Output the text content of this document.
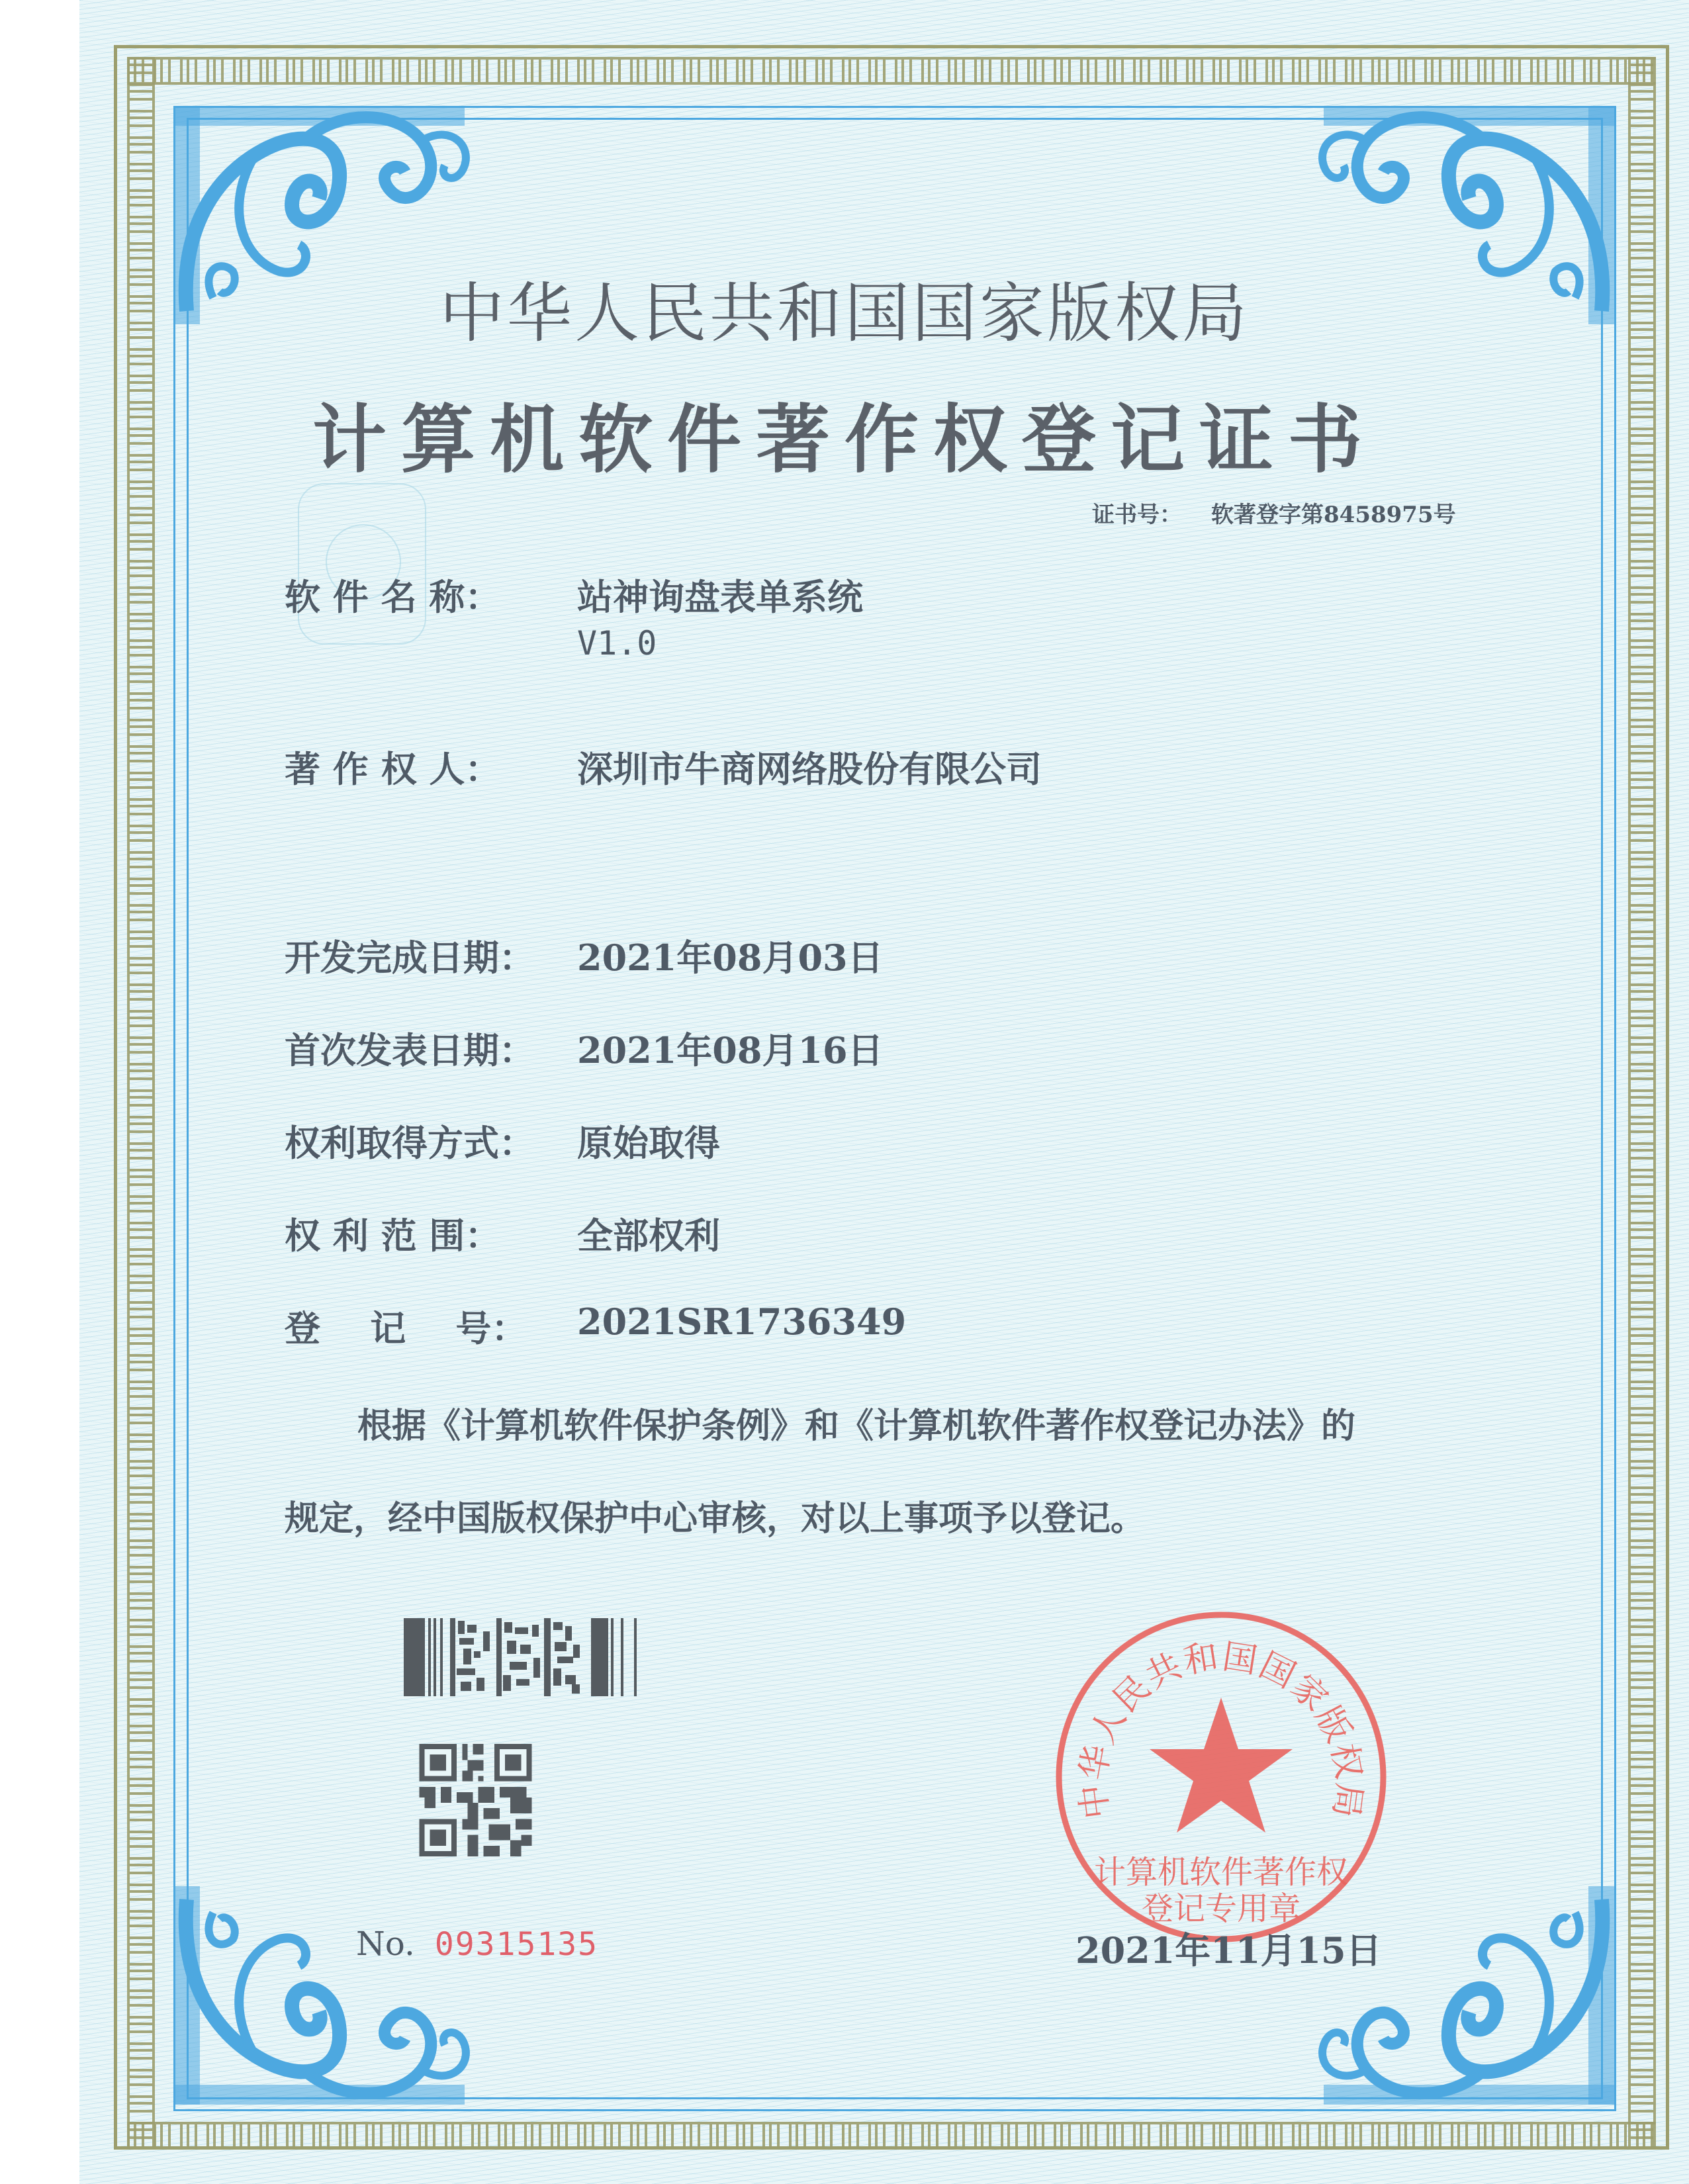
中华人民共和国国家版权局
计算机软件著作权登记证书
证书号： 软著登字第8458975号
软 件 名 称：	站神询盘表单系统
V1.0
著 作 权 人：	深圳市牛商网络股份有限公司
开发完成日期：	2021年08月03日
首次发表日期：	2021年08月16日
权利取得方式：	原始取得
权 利 范 围：	全部权利
登    记    号：	2021SR1736349
根据《计算机软件保护条例》和《计算机软件著作权登记办法》的
规定，经中国版权保护中心审核，对以上事项予以登记。
No. 09315135
中华人民共和国国家版权局
计算机软件著作权
登记专用章
2021年11月15日
